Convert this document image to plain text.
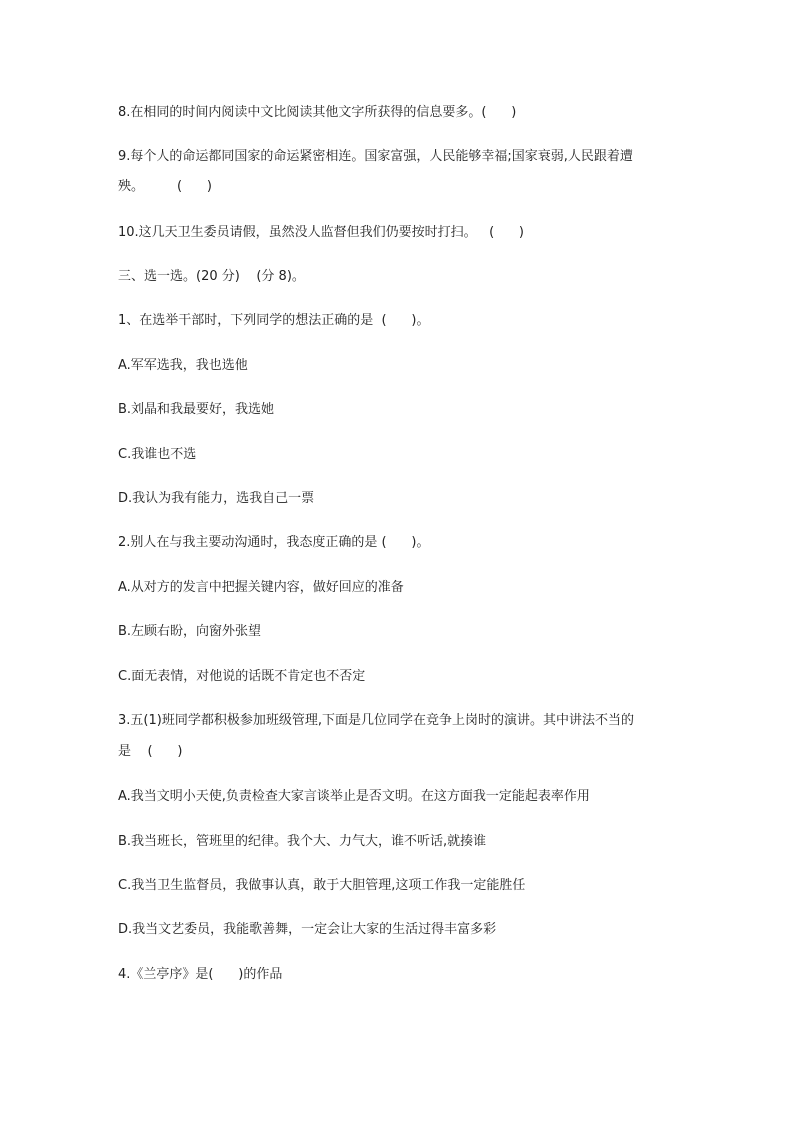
8.在相同的时间内阅读中文比阅读其他文字所获得的信息要多。(      )
9.每个人的命运都同国家的命运紧密相连。国家富强，人民能够幸福;国家衰弱,人民跟着遭
殃。        (      )
10.这几天卫生委员请假，虽然没人监督但我们仍要按时打扫。   (      )
三、选一选。(20 分)    (分 8)。
1、在选举干部时，下列同学的想法正确的是  (      )。
A.军军选我，我也选他
B.刘晶和我最要好，我选她
C.我谁也不选
D.我认为我有能力，选我自己一票
2.别人在与我主要动沟通时，我态度正确的是 (      )。
A.从对方的发言中把握关键内容，做好回应的准备
B.左顾右盼，向窗外张望
C.面无表情，对他说的话既不肯定也不否定
3.五(1)班同学都积极参加班级管理,下面是几位同学在竞争上岗时的演讲。其中讲法不当的
是    (      )
A.我当文明小天使,负责检查大家言谈举止是否文明。在这方面我一定能起表率作用
B.我当班长，管班里的纪律。我个大、力气大，谁不听话,就揍谁
C.我当卫生监督员，我做事认真，敢于大胆管理,这项工作我一定能胜任
D.我当文艺委员，我能歌善舞，一定会让大家的生活过得丰富多彩
4.《兰亭序》是(      )的作品
